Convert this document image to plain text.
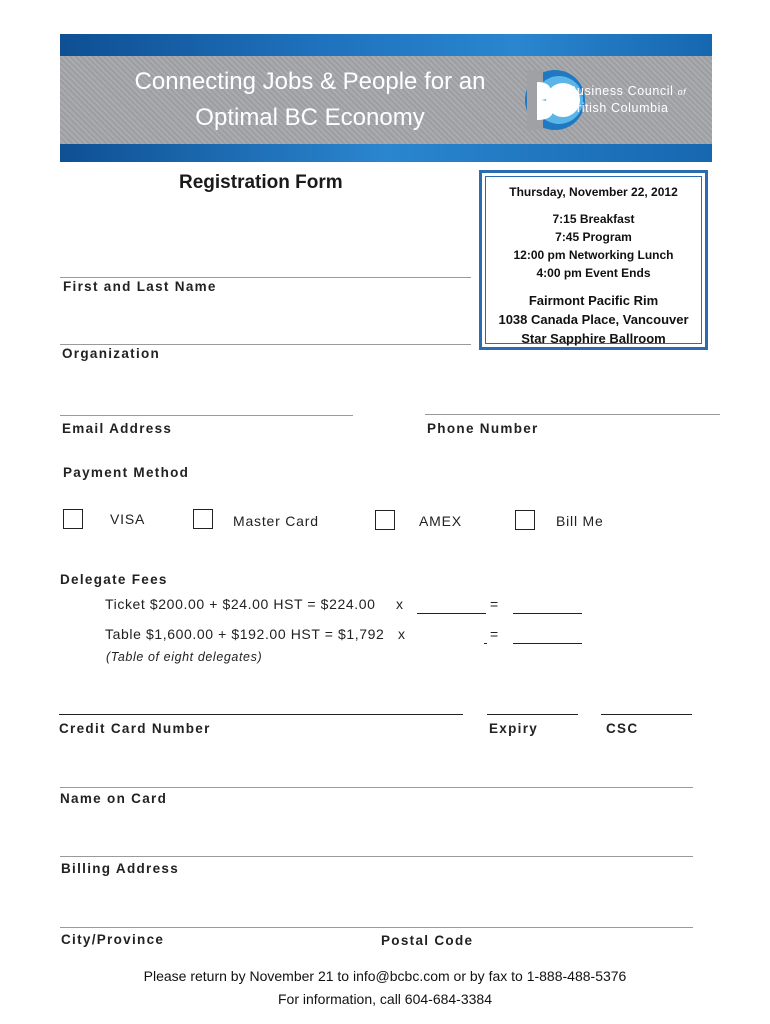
Connecting Jobs & People for an
Optimal BC Economy
Business Council of
British Columbia
Registration Form	Thursday, November 22, 2012
7:15 Breakfast
7:45 Program
12:00 pm Networking Lunch
4:00 pm Event Ends
Fairmont Pacific Rim
1038 Canada Place, Vancouver
Star Sapphire Ballroom
First and Last Name
Organization
Email Address	Phone Number
Payment Method
VISA	Master Card	AMEX	Bill Me
Delegate Fees
Ticket $200.00 + $24.00 HST = $224.00 x	=
Table $1,600.00 + $192.00 HST = $1,792 x	=
(Table of eight delegates)
Credit Card Number	Expiry	CSC
Name on Card
Billing Address
City/Province	Postal Code
Please return by November 21 to info@bcbc.com or by fax to 1-888-488-5376
For information, call 604-684-3384
